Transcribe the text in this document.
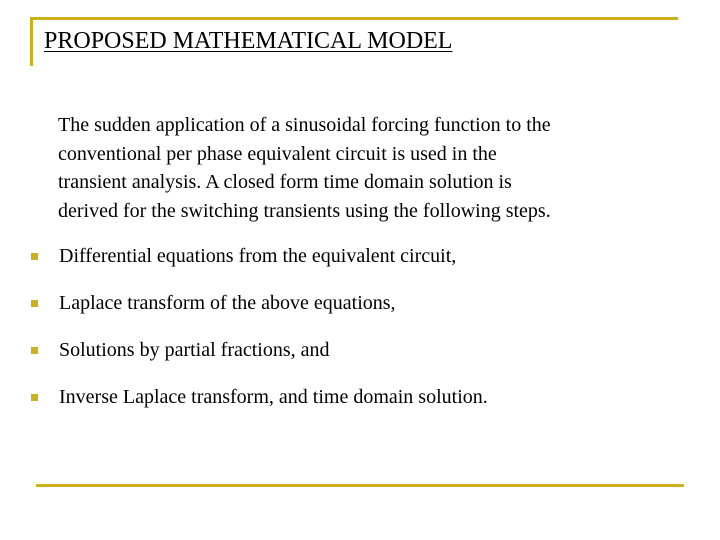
PROPOSED MATHEMATICAL MODEL

The sudden application of a sinusoidal forcing function to the
conventional per phase equivalent circuit is used in the
transient analysis. A closed form time domain solution is
derived for the switching transients using the following steps.

Differential equations from the equivalent circuit,
Laplace transform of the above equations,
Solutions by partial fractions, and
Inverse Laplace transform, and time domain solution.
